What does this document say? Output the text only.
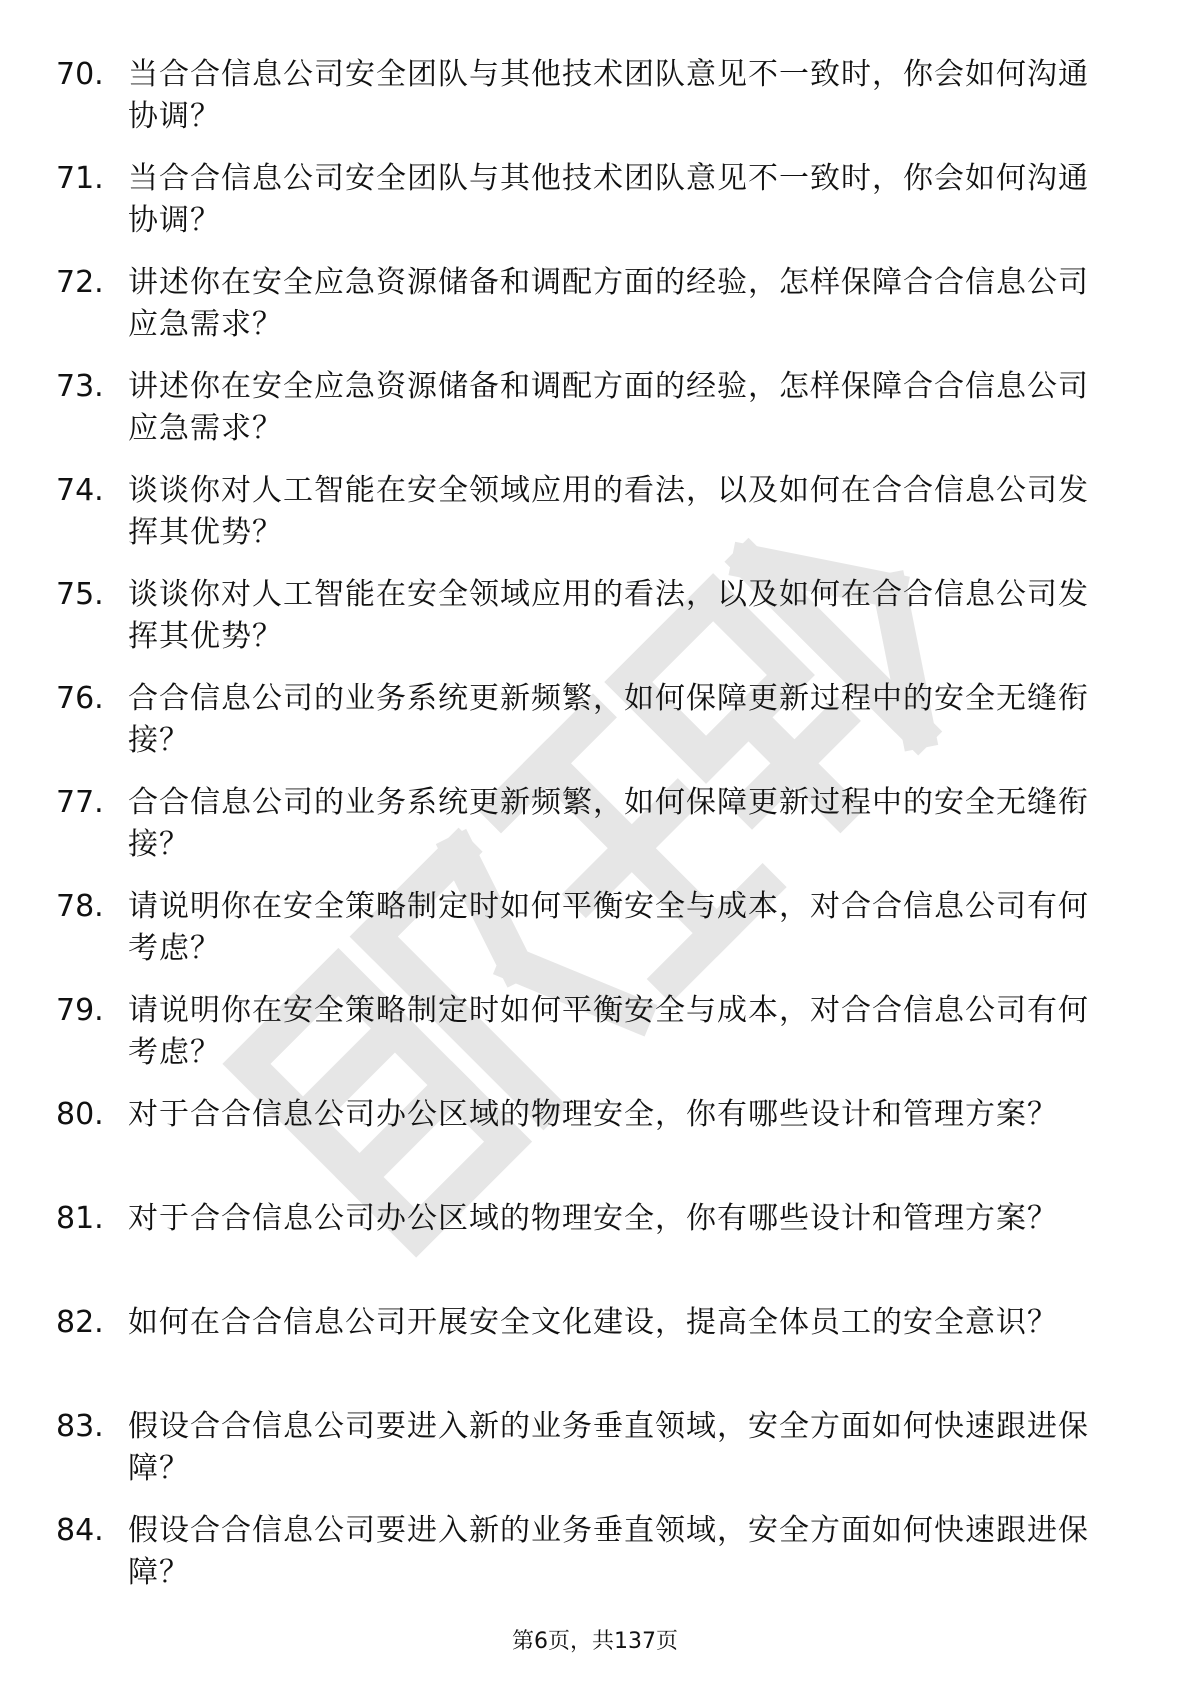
70. 当合合信息公司安全团队与其他技术团队意见不一致时，你会如何沟通协调？
71. 当合合信息公司安全团队与其他技术团队意见不一致时，你会如何沟通协调？
72. 讲述你在安全应急资源储备和调配方面的经验，怎样保障合合信息公司应急需求？
73. 讲述你在安全应急资源储备和调配方面的经验，怎样保障合合信息公司应急需求？
74. 谈谈你对人工智能在安全领域应用的看法，以及如何在合合信息公司发挥其优势？
75. 谈谈你对人工智能在安全领域应用的看法，以及如何在合合信息公司发挥其优势？
76. 合合信息公司的业务系统更新频繁，如何保障更新过程中的安全无缝衔接？
77. 合合信息公司的业务系统更新频繁，如何保障更新过程中的安全无缝衔接？
78. 请说明你在安全策略制定时如何平衡安全与成本，对合合信息公司有何考虑？
79. 请说明你在安全策略制定时如何平衡安全与成本，对合合信息公司有何考虑？
80. 对于合合信息公司办公区域的物理安全，你有哪些设计和管理方案？
81. 对于合合信息公司办公区域的物理安全，你有哪些设计和管理方案？
82. 如何在合合信息公司开展安全文化建设，提高全体员工的安全意识？
83. 假设合合信息公司要进入新的业务垂直领域，安全方面如何快速跟进保障？
84. 假设合合信息公司要进入新的业务垂直领域，安全方面如何快速跟进保障？
第6页，共137页
